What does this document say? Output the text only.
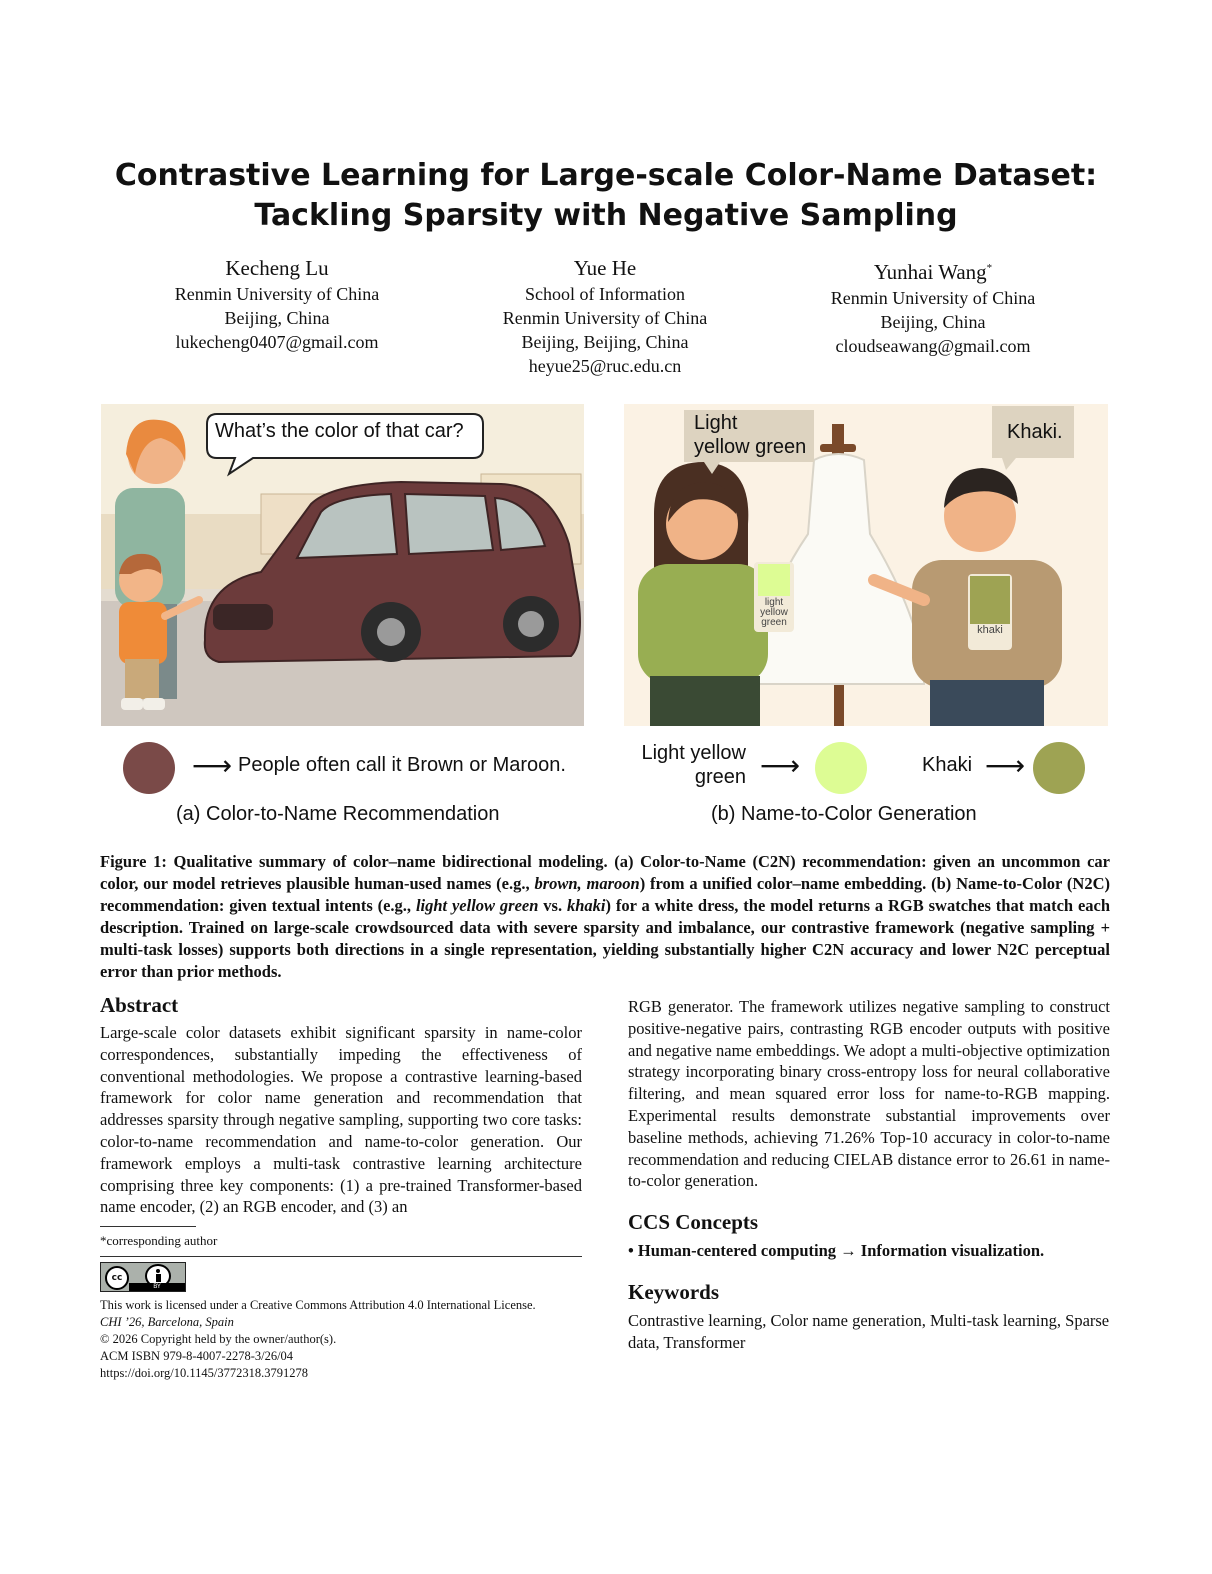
Contrastive Learning for Large-scale Color-Name Dataset:
Tackling Sparsity with Negative Sampling
Kecheng Lu
Renmin University of China
Beijing, China
lukecheng0407@gmail.com
Yue He
School of Information
Renmin University of China
Beijing, Beijing, China
heyue25@ruc.edu.cn
Yunhai Wang*
Renmin University of China
Beijing, China
cloudseawang@gmail.com
What’s the color of that car?
⟶ People often call it Brown or Maroon.
(a) Color-to-Name Recommendation
Light
yellow green
Khaki.
light
yellow
green
khaki
Light yellow
green ⟶	Khaki ⟶
(b) Name-to-Color Generation
Figure 1: Qualitative summary of color–name bidirectional modeling. (a) Color-to-Name (C2N) recommendation: given an uncommon car color, our model retrieves plausible human-used names (e.g., brown, maroon) from a unified color–name embedding. (b) Name-to-Color (N2C) recommendation: given textual intents (e.g., light yellow green vs. khaki) for a white dress, the model returns a RGB swatches that match each description. Trained on large-scale crowdsourced data with severe sparsity and imbalance, our contrastive framework (negative sampling + multi-task losses) supports both directions in a single representation, yielding substantially higher C2N accuracy and lower N2C perceptual error than prior methods.
Abstract
Large-scale color datasets exhibit significant sparsity in name-color correspondences, substantially impeding the effectiveness of conventional methodologies. We propose a contrastive learning-based framework for color name generation and recommendation that addresses sparsity through negative sampling, supporting two core tasks: color-to-name recommendation and name-to-color generation. Our framework employs a multi-task contrastive learning architecture comprising three key components: (1) a pre-trained Transformer-based name encoder, (2) an RGB encoder, and (3) an
*corresponding author
cc
BY
This work is licensed under a Creative Commons Attribution 4.0 International License.
CHI ’26, Barcelona, Spain
© 2026 Copyright held by the owner/author(s).
ACM ISBN 979-8-4007-2278-3/26/04
https://doi.org/10.1145/3772318.3791278
RGB generator. The framework utilizes negative sampling to construct positive-negative pairs, contrasting RGB encoder outputs with positive and negative name embeddings. We adopt a multi-objective optimization strategy incorporating binary cross-entropy loss for neural collaborative filtering, and mean squared error loss for name-to-RGB mapping. Experimental results demonstrate substantial improvements over baseline methods, achieving 71.26% Top-10 accuracy in color-to-name recommendation and reducing CIELAB distance error to 26.61 in name-to-color generation.
CCS Concepts
• Human-centered computing → Information visualization.
Keywords
Contrastive learning, Color name generation, Multi-task learning, Sparse data, Transformer
